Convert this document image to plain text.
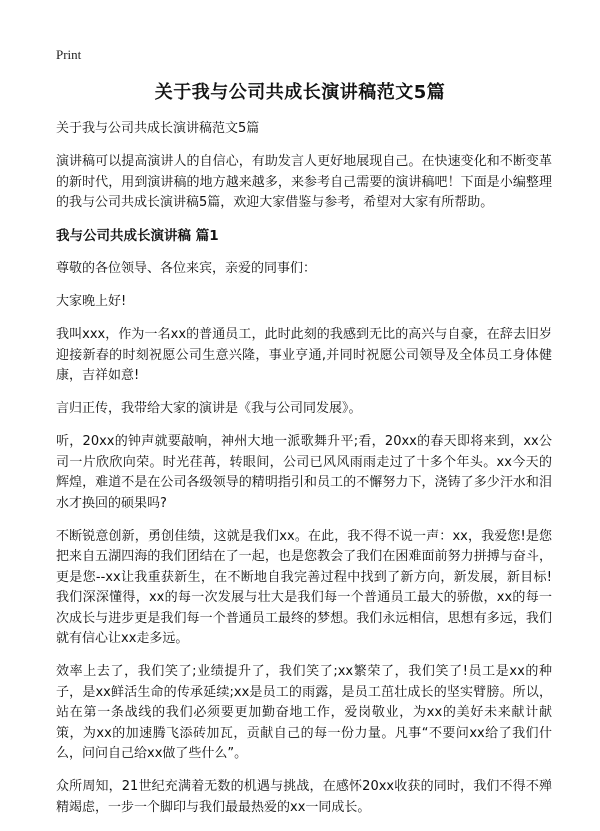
Print
关于我与公司共成长演讲稿范文5篇

关于我与公司共成长演讲稿范文5篇

演讲稿可以提高演讲人的自信心，有助发言人更好地展现自己。在快速变化和不断变革的新时代，用到演讲稿的地方越来越多，来参考自己需要的演讲稿吧！下面是小编整理的我与公司共成长演讲稿5篇，欢迎大家借鉴与参考，希望对大家有所帮助。

我与公司共成长演讲稿 篇1

尊敬的各位领导、各位来宾，亲爱的同事们：

大家晚上好!

我叫xxx，作为一名xx的普通员工，此时此刻的我感到无比的高兴与自豪，在辞去旧岁迎接新春的时刻祝愿公司生意兴隆，事业亨通,并同时祝愿公司领导及全体员工身体健康，吉祥如意!

言归正传，我带给大家的演讲是《我与公司同发展》。

听，20xx的钟声就要敲响，神州大地一派歌舞升平;看，20xx的春天即将来到，xx公司一片欣欣向荣。时光荏苒，转眼间，公司已风风雨雨走过了十多个年头。xx今天的辉煌，难道不是在公司各级领导的精明指引和员工的不懈努力下，浇铸了多少汗水和泪水才换回的硕果吗?

不断锐意创新，勇创佳绩，这就是我们xx。在此，我不得不说一声：xx，我爱您!是您把来自五湖四海的我们团结在了一起，也是您教会了我们在困难面前努力拼搏与奋斗，更是您--xx让我重获新生，在不断地自我完善过程中找到了新方向，新发展，新目标!我们深深懂得，xx的每一次发展与壮大是我们每一个普通员工最大的骄傲，xx的每一次成长与进步更是我们每一个普通员工最终的梦想。我们永远相信，思想有多远，我们就有信心让xx走多远。

效率上去了，我们笑了;业绩提升了，我们笑了;xx繁荣了，我们笑了!员工是xx的种子，是xx鲜活生命的传承延续;xx是员工的雨露，是员工茁壮成长的坚实臂膀。所以，站在第一条战线的我们必须要更加勤奋地工作，爱岗敬业，为xx的美好未来献计献策，为xx的加速腾飞添砖加瓦，贡献自己的每一份力量。凡事“不要问xx给了我们什么，问问自己给xx做了些什么”。

众所周知，21世纪充满着无数的机遇与挑战，在感怀20xx收获的同时，我们不得不殚精竭虑，一步一个脚印与我们最最热爱的xx一同成长。
